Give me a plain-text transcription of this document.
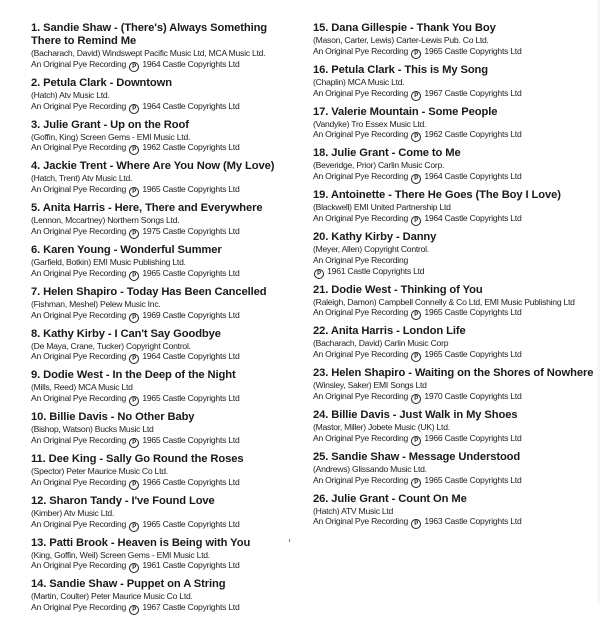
1. Sandie Shaw - (There's) Always Something There to Remind Me
(Bacharach, David) Windswept Pacific Music Ltd, MCA Music Ltd.
An Original Pye Recording P 1964 Castle Copyrights Ltd
2. Petula Clark - Downtown
(Hatch) Atv Music Ltd.
An Original Pye Recording P 1964 Castle Copyrights Ltd
3. Julie Grant - Up on the Roof
(Goffin, King) Screen Gems - EMI Music Ltd.
An Original Pye Recording P 1962 Castle Copyrights Ltd
4. Jackie Trent - Where Are You Now (My Love)
(Hatch, Trent) Atv Music Ltd.
An Original Pye Recording P 1965 Castle Copyrights Ltd
5. Anita Harris - Here, There and Everywhere
(Lennon, Mccartney) Northern Songs Ltd.
An Original Pye Recording P 1975 Castle Copyrights Ltd
6. Karen Young - Wonderful Summer
(Garfield, Botkin) EMI Music Publishing Ltd.
An Original Pye Recording P 1965 Castle Copyrights Ltd
7. Helen Shapiro - Today Has Been Cancelled
(Fishman, Meshel) Pelew Music Inc.
An Original Pye Recording P 1969 Castle Copyrights Ltd
8. Kathy Kirby - I Can't Say Goodbye
(De Maya, Crane, Tucker) Copyright Control.
An Original Pye Recording P 1964 Castle Copyrights Ltd
9. Dodie West - In the Deep of the Night
(Mills, Reed) MCA Music Ltd
An Original Pye Recording P 1965 Castle Copyrights Ltd
10. Billie Davis - No Other Baby
(Bishop, Watson) Bucks Music Ltd
An Original Pye Recording P 1965 Castle Copyrights Ltd
11. Dee King - Sally Go Round the Roses
(Spector) Peter Maurice Music Co Ltd.
An Original Pye Recording P 1966 Castle Copyrights Ltd
12. Sharon Tandy - I've Found Love
(Kimber) Atv Music Ltd.
An Original Pye Recording P 1965 Castle Copyrights Ltd
13. Patti Brook - Heaven is Being with You
(King, Goffin, Weil) Screen Gems - EMI Music Ltd.
An Original Pye Recording P 1961 Castle Copyrights Ltd
14. Sandie Shaw - Puppet on A String
(Martin, Coulter) Peter Maurice Music Co Ltd.
An Original Pye Recording P 1967 Castle Copyrights Ltd
15. Dana Gillespie - Thank You Boy
(Mason, Carter, Lewis) Carter-Lewis Pub. Co Ltd.
An Original Pye Recording P 1965 Castle Copyrights Ltd
16. Petula Clark - This is My Song
(Chaplin) MCA Music Ltd.
An Original Pye Recording P 1967 Castle Copyrights Ltd
17. Valerie Mountain - Some People
(Vandyke) Tro Essex Music Ltd.
An Original Pye Recording P 1962 Castle Copyrights Ltd
18. Julie Grant - Come to Me
(Beveridge, Prior) Carlin Music Corp.
An Original Pye Recording P 1964 Castle Copyrights Ltd
19. Antoinette - There He Goes (The Boy I Love)
(Blackwell) EMI United Partnership Ltd
An Original Pye Recording P 1964 Castle Copyrights Ltd
20. Kathy Kirby - Danny
(Meyer, Allen) Copyright Control.
An Original Pye Recording
P 1961 Castle Copyrights Ltd
21. Dodie West - Thinking of You
(Raleigh, Damon) Campbell Connelly & Co Ltd, EMI Music Publishing Ltd
An Original Pye Recording P 1965 Castle Copyrights Ltd
22. Anita Harris - London Life
(Bacharach, David) Carlin Music Corp
An Original Pye Recording P 1965 Castle Copyrights Ltd
23. Helen Shapiro - Waiting on the Shores of Nowhere
(Winsley, Saker) EMI Songs Ltd
An Original Pye Recording P 1970 Castle Copyrights Ltd
24. Billie Davis - Just Walk in My Shoes
(Mastor, Miller) Jobete Music (UK) Ltd.
An Original Pye Recording P 1966 Castle Copyrights Ltd
25. Sandie Shaw - Message Understood
(Andrews) Glissando Music Ltd.
An Original Pye Recording P 1965 Castle Copyrights Ltd
26. Julie Grant - Count On Me
(Hatch) ATV Music Ltd
An Original Pye Recording P 1963 Castle Copyrights Ltd
